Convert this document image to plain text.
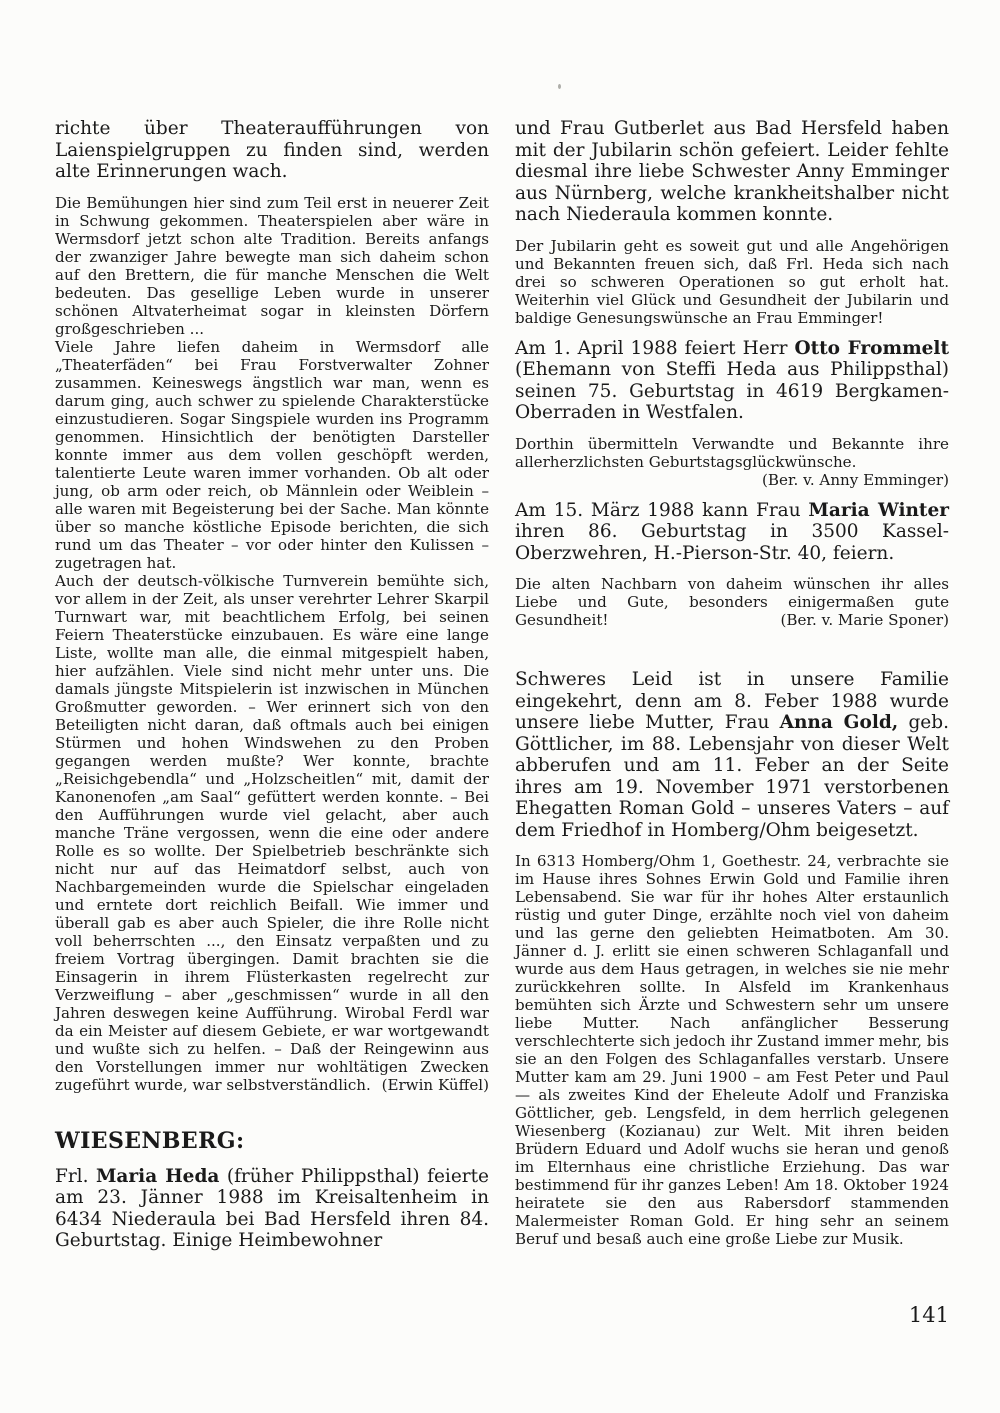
richte über Theateraufführungen von Laienspielgruppen zu finden sind, werden alte Erinnerungen wach.

Die Bemühungen hier sind zum Teil erst in neuerer Zeit in Schwung gekommen. Theaterspielen aber wäre in Wermsdorf jetzt schon alte Tradition. Bereits anfangs der zwanziger Jahre bewegte man sich daheim schon auf den Brettern, die für manche Menschen die Welt bedeuten. Das gesellige Leben wurde in unserer schönen Altvaterheimat sogar in kleinsten Dörfern großgeschrieben ...

Viele Jahre liefen daheim in Wermsdorf alle „Theaterfäden“ bei Frau Forstverwalter Zohner zusammen. Keineswegs ängstlich war man, wenn es darum ging, auch schwer zu spielende Charakterstücke einzustudieren. Sogar Singspiele wurden ins Programm genommen. Hinsichtlich der benötigten Darsteller konnte immer aus dem vollen geschöpft werden, talentierte Leute waren immer vorhanden. Ob alt oder jung, ob arm oder reich, ob Männlein oder Weiblein – alle waren mit Begeisterung bei der Sache. Man könnte über so manche köstliche Episode berichten, die sich rund um das Theater – vor oder hinter den Kulissen – zugetragen hat.

Auch der deutsch-völkische Turnverein bemühte sich, vor allem in der Zeit, als unser verehrter Lehrer Skarpil Turnwart war, mit beachtlichem Erfolg, bei seinen Feiern Theaterstücke einzubauen. Es wäre eine lange Liste, wollte man alle, die einmal mitgespielt haben, hier aufzählen. Viele sind nicht mehr unter uns. Die damals jüngste Mitspielerin ist inzwischen in München Großmutter geworden. – Wer erinnert sich von den Beteiligten nicht daran, daß oftmals auch bei einigen Stürmen und hohen Windswehen zu den Proben gegangen werden mußte? Wer konnte, brachte „Reisichgebendla“ und „Holzscheitlen“ mit, damit der Kanonenofen „am Saal“ gefüttert werden konnte. – Bei den Aufführungen wurde viel gelacht, aber auch manche Träne vergossen, wenn die eine oder andere Rolle es so wollte. Der Spielbetrieb beschränkte sich nicht nur auf das Heimatdorf selbst, auch von Nachbargemeinden wurde die Spielschar eingeladen und erntete dort reichlich Beifall. Wie immer und überall gab es aber auch Spieler, die ihre Rolle nicht voll beherrschten ..., den Einsatz verpaßten und zu freiem Vortrag übergingen. Damit brachten sie die Einsagerin in ihrem Flüsterkasten regelrecht zur Verzweiflung – aber „geschmissen“ wurde in all den Jahren deswegen keine Aufführung. Wirobal Ferdl war da ein Meister auf diesem Gebiete, er war wortgewandt und wußte sich zu helfen. – Daß der Reingewinn aus den Vorstellungen immer nur wohltätigen Zwecken zugeführt wurde, war selbstverständlich. (Erwin Küffel)

WIESENBERG:

Frl. Maria Heda (früher Philippsthal) feierte am 23. Jänner 1988 im Kreisaltenheim in 6434 Niederaula bei Bad Hersfeld ihren 84. Geburtstag. Einige Heimbewohner

und Frau Gutberlet aus Bad Hersfeld haben mit der Jubilarin schön gefeiert. Leider fehlte diesmal ihre liebe Schwester Anny Emminger aus Nürnberg, welche krankheitshalber nicht nach Niederaula kommen konnte.

Der Jubilarin geht es soweit gut und alle Angehörigen und Bekannten freuen sich, daß Frl. Heda sich nach drei so schweren Operationen so gut erholt hat. Weiterhin viel Glück und Gesundheit der Jubilarin und baldige Genesungswünsche an Frau Emminger!

Am 1. April 1988 feiert Herr Otto Frommelt (Ehemann von Steffi Heda aus Philippsthal) seinen 75. Geburtstag in 4619 Bergkamen-Oberraden in Westfalen.

Dorthin übermitteln Verwandte und Bekannte ihre allerherzlichsten Geburtstagsglückwünsche.
(Ber. v. Anny Emminger)

Am 15. März 1988 kann Frau Maria Winter ihren 86. Geburtstag in 3500 Kassel-Oberzwehren, H.-Pierson-Str. 40, feiern.

Die alten Nachbarn von daheim wünschen ihr alles Liebe und Gute, besonders einigermaßen gute Gesundheit!	(Ber. v. Marie Sponer)

Schweres Leid ist in unsere Familie eingekehrt, denn am 8. Feber 1988 wurde unsere liebe Mutter, Frau Anna Gold, geb. Göttlicher, im 88. Lebensjahr von dieser Welt abberufen und am 11. Feber an der Seite ihres am 19. November 1971 verstorbenen Ehegatten Roman Gold – unseres Vaters – auf dem Friedhof in Homberg/Ohm beigesetzt.

In 6313 Homberg/Ohm 1, Goethestr. 24, verbrachte sie im Hause ihres Sohnes Erwin Gold und Familie ihren Lebensabend. Sie war für ihr hohes Alter erstaunlich rüstig und guter Dinge, erzählte noch viel von daheim und las gerne den geliebten Heimatboten. Am 30. Jänner d. J. erlitt sie einen schweren Schlaganfall und wurde aus dem Haus getragen, in welches sie nie mehr zurückkehren sollte. In Alsfeld im Krankenhaus bemühten sich Ärzte und Schwestern sehr um unsere liebe Mutter. Nach anfänglicher Besserung verschlechterte sich jedoch ihr Zustand immer mehr, bis sie an den Folgen des Schlaganfalles verstarb. Unsere Mutter kam am 29. Juni 1900 – am Fest Peter und Paul — als zweites Kind der Eheleute Adolf und Franziska Göttlicher, geb. Lengsfeld, in dem herrlich gelegenen Wiesenberg (Kozianau) zur Welt. Mit ihren beiden Brüdern Eduard und Adolf wuchs sie heran und genoß im Elternhaus eine christliche Erziehung. Das war bestimmend für ihr ganzes Leben! Am 18. Oktober 1924 heiratete sie den aus Rabersdorf stammenden Malermeister Roman Gold. Er hing sehr an seinem Beruf und besaß auch eine große Liebe zur Musik.

141
